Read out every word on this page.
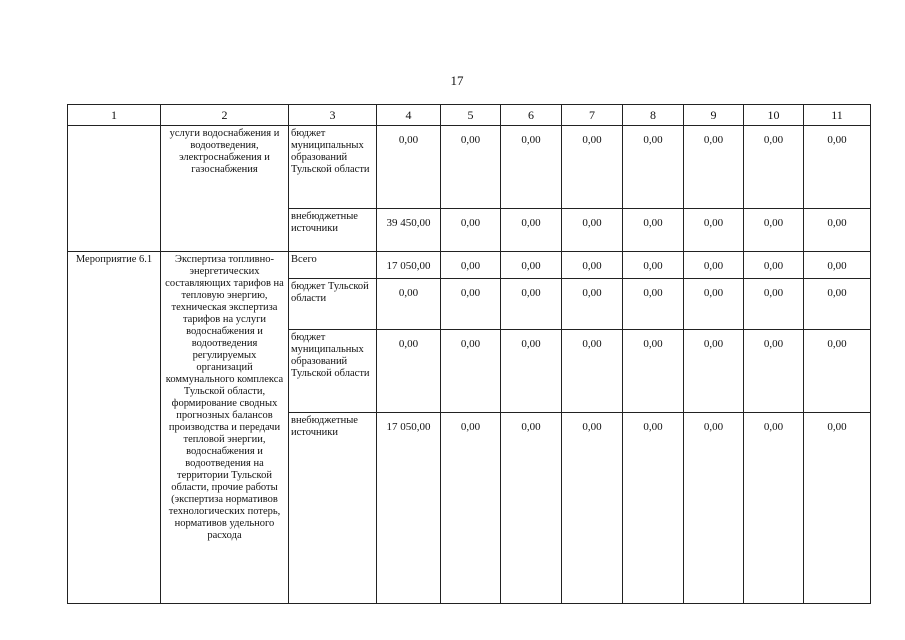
17
1	2	3	4	5	6	7	8	9	10	11
	услуги водоснабжения и водоотведения, электроснабжения и газоснабжения	бюджет муниципальных образований Тульской области	0,00	0,00	0,00	0,00	0,00	0,00	0,00	0,00
		внебюджетные источники	39 450,00	0,00	0,00	0,00	0,00	0,00	0,00	0,00
Мероприятие 6.1	Экспертиза топливно-энергетических составляющих тарифов на тепловую энергию, техническая экспертиза тарифов на услуги водоснабжения и водоотведения регулируемых организаций коммунального комплекса Тульской области, формирование сводных прогнозных балансов производства и передачи тепловой энергии, водоснабжения и водоотведения на территории Тульской области, прочие работы (экспертиза нормативов технологических потерь, нормативов удельного расхода	Всего	17 050,00	0,00	0,00	0,00	0,00	0,00	0,00	0,00
		бюджет Тульской области	0,00	0,00	0,00	0,00	0,00	0,00	0,00	0,00
		бюджет муниципальных образований Тульской области	0,00	0,00	0,00	0,00	0,00	0,00	0,00	0,00
		внебюджетные источники	17 050,00	0,00	0,00	0,00	0,00	0,00	0,00	0,00
